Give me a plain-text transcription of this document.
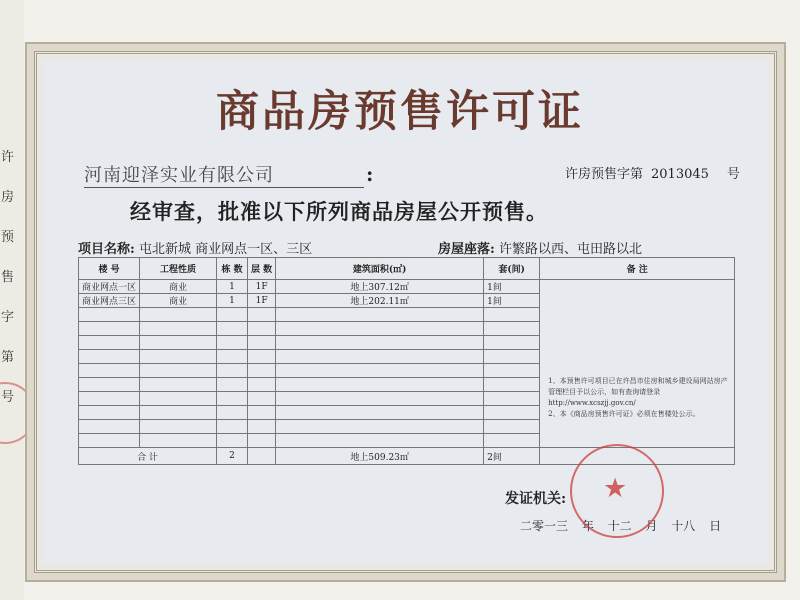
许
房
预
售
字
第
号
商品房预售许可证
河南迎泽实业有限公司	:	许房预售字第 2013045 号
经审查，批准以下所列商品房屋公开预售。
项目名称: 屯北新城 商业网点一区、三区	房屋座落: 许繁路以西、屯田路以北
楼 号	工程性质	栋 数	层 数	建筑面积(㎡)	套(间)	备 注
商业网点一区	商业	1	1F	地上307.12㎡	1间	1、本预售许可项目已在许昌市住房和城乡建设局网站房产管理栏目予以公示，如有查询请登录 http://www.xcszjj.gov.cn/
2、本《商品房预售许可证》必须在售楼处公示。

商业网点三区	商业	1	1F	地上202.11㎡	1间	

合 计		2		地上509.23㎡	2间	
发证机关:
二零一三 年 十二 月 十八 日
★
